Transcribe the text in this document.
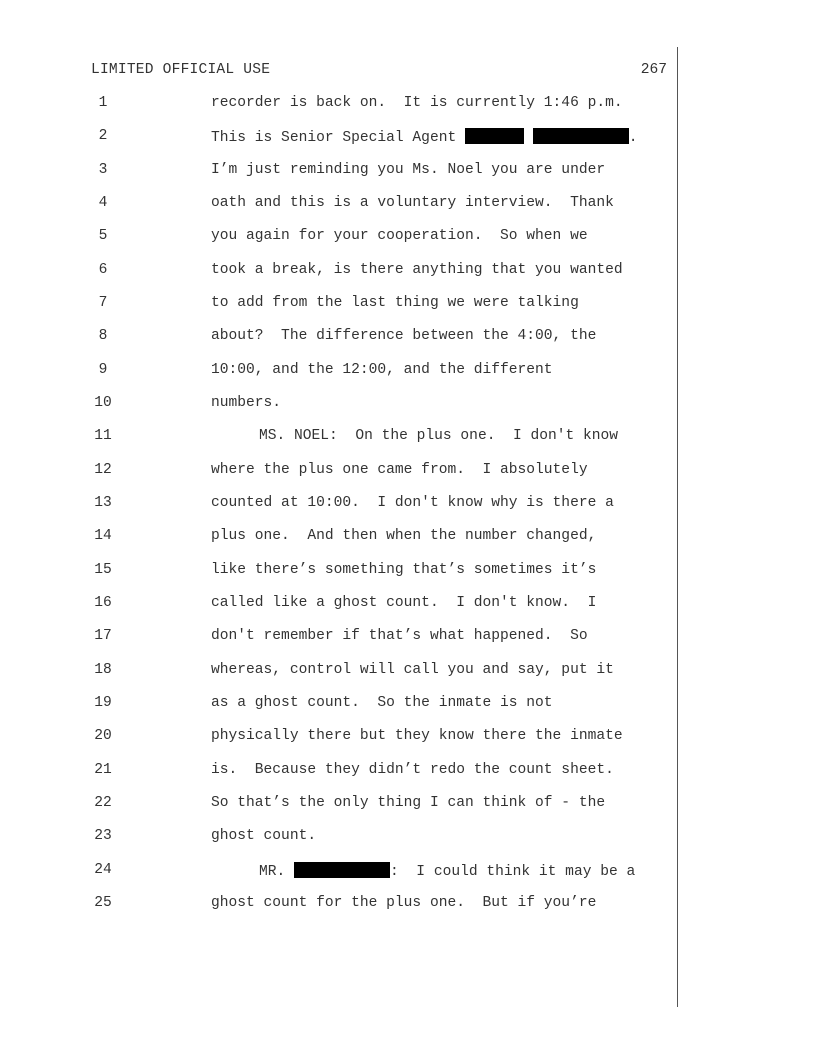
LIMITED OFFICIAL USE	267
1	recorder is back on.  It is currently 1:46 p.m.
2	This is Senior Special Agent	.
3	I’m just reminding you Ms. Noel you are under
4	oath and this is a voluntary interview.  Thank
5	you again for your cooperation.  So when we
6	took a break, is there anything that you wanted
7	to add from the last thing we were talking
8	about?  The difference between the 4:00, the
9	10:00, and the 12:00, and the different
10	numbers.
11	MS. NOEL:  On the plus one.  I don't know
12	where the plus one came from.  I absolutely
13	counted at 10:00.  I don't know why is there a
14	plus one.  And then when the number changed,
15	like there’s something that’s sometimes it’s
16	called like a ghost count.  I don't know.  I
17	don't remember if that’s what happened.  So
18	whereas, control will call you and say, put it
19	as a ghost count.  So the inmate is not
20	physically there but they know there the inmate
21	is.  Because they didn’t redo the count sheet.
22	So that’s the only thing I can think of - the
23	ghost count.
24	MR.	:  I could think it may be a
25	ghost count for the plus one.  But if you’re
